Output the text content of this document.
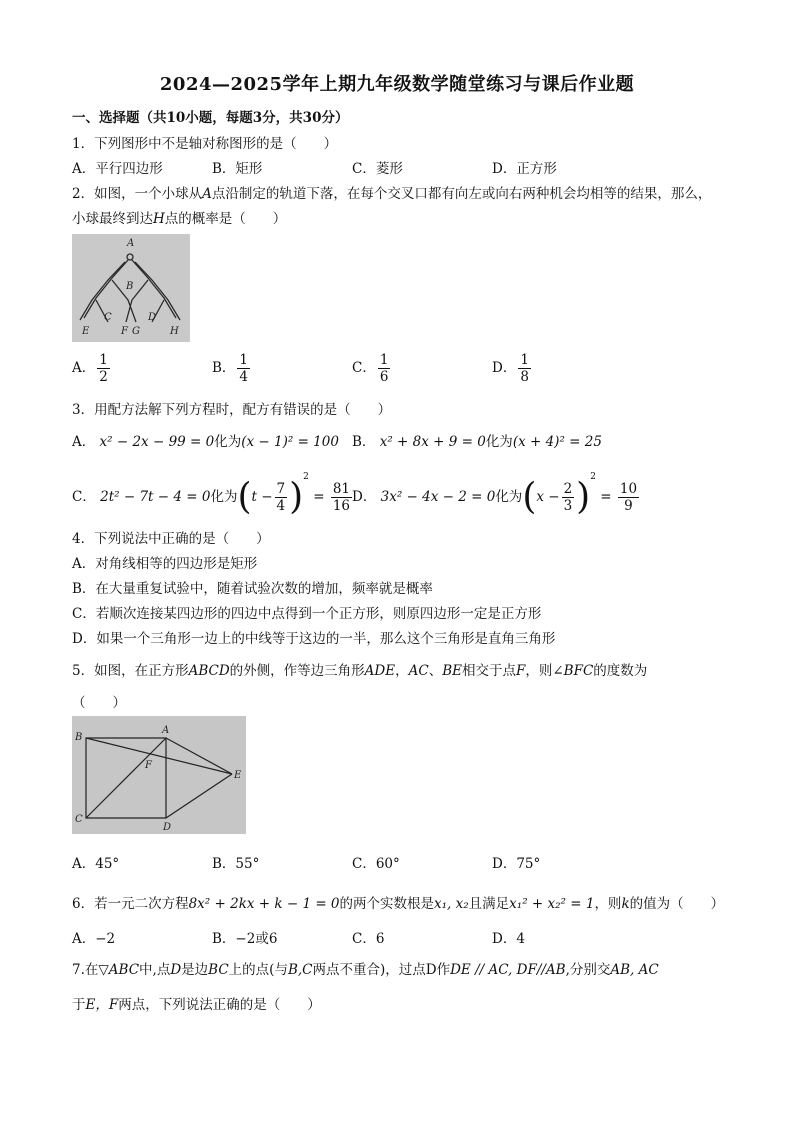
2024—2025学年上期九年级数学随堂练习与课后作业题
一、选择题（共10小题，每题3分，共30分）
1．下列图形中不是轴对称图形的是（　　）
A．平行四边形	B．矩形	C．菱形	D．正方形
2．如图，一个小球从A点沿制定的轨道下落，在每个交叉口都有向左或向右两种机会均相等的结果，那么，
小球最终到达H点的概率是（　　）
A
B
C	D
E	F G	H
A． $\frac{1}{2}$	B． $\frac{1}{4}$	C． $\frac{1}{6}$	D． $\frac{1}{8}$
3．用配方法解下列方程时，配方有错误的是（　　）
A． x² − 2x − 99 = 0化为(x − 1)² = 100 B． x² + 8x + 9 = 0化为(x + 4)² = 25
C． 2t² − 7t − 4 = 0化为$(t - \frac{7}{4} )^2 = \frac{81}{16}$ D． 3x² − 4x − 2 = 0化为$(x - \frac{2}{3} )^2 = \frac{10}{9}$
4．下列说法中正确的是（　　）
A．对角线相等的四边形是矩形
B．在大量重复试验中，随着试验次数的增加，频率就是概率
C．若顺次连接某四边形的四边中点得到一个正方形，则原四边形一定是正方形
D．如果一个三角形一边上的中线等于这边的一半，那么这个三角形是直角三角形
5．如图，在正方形ABCD的外侧，作等边三角形ADE，AC、BE相交于点F，则∠BFC的度数为
（　　）
A
B
C
D
E
F
A．45°	B．55°	C．60°	D．75°
6．若一元二次方程8x² + 2kx + k − 1 = 0的两个实数根是x₁, x₂且满足x₁² + x₂² = 1，则k的值为（　　）
A．−2	B．−2或6	C．6	D．4
7.在▽ABC中,点D是边BC上的点(与B,C两点不重合)，过点D作DE // AC, DF//AB,分别交AB, AC
于E，F两点，下列说法正确的是（　　）
